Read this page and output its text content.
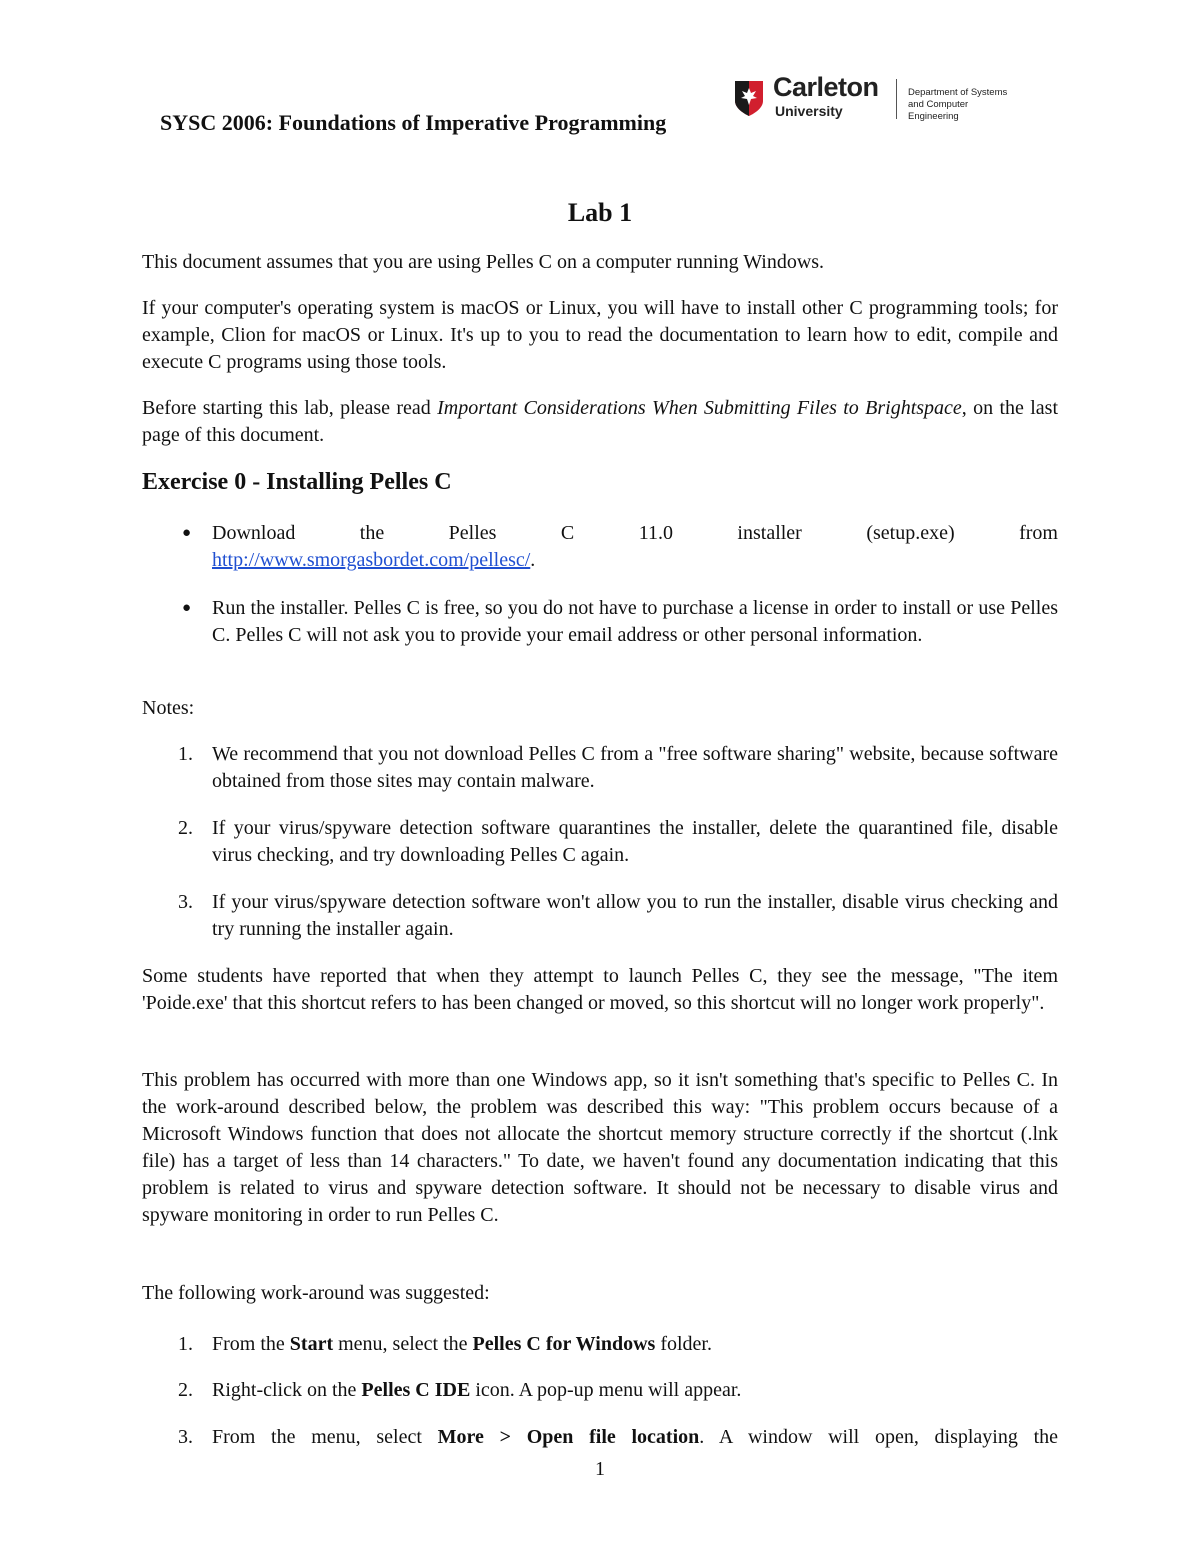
SYSC 2006: Foundations of Imperative Programming
Carleton
University
Department of Systems
and Computer Engineering
Lab 1
This document assumes that you are using Pelles C on a computer running Windows.
If your computer's operating system is macOS or Linux, you will have to install other C programming tools; for example, Clion for macOS or Linux. It's up to you to read the documentation to learn how to edit, compile and execute C programs using those tools.
Before starting this lab, please read Important Considerations When Submitting Files to Brightspace, on the last page of this document.
Exercise 0 - Installing Pelles C
● Download	the	Pelles	C	11.0	installer	(setup.exe)	from
http://www.smorgasbordet.com/pellesc/.
● Run the installer. Pelles C is free, so you do not have to purchase a license in order to install or use Pelles C. Pelles C will not ask you to provide your email address or other personal information.
Notes:
1. We recommend that you not download Pelles C from a "free software sharing" website, because software obtained from those sites may contain malware.
2. If your virus/spyware detection software quarantines the installer, delete the quarantined file, disable virus checking, and try downloading Pelles C again.
3. If your virus/spyware detection software won't allow you to run the installer, disable virus checking and try running the installer again.
Some students have reported that when they attempt to launch Pelles C, they see the message, "The item 'Poide.exe' that this shortcut refers to has been changed or moved, so this shortcut will no longer work properly".
This problem has occurred with more than one Windows app, so it isn't something that's specific to Pelles C. In the work-around described below, the problem was described this way: "This problem occurs because of a Microsoft Windows function that does not allocate the shortcut memory structure correctly if the shortcut (.lnk file) has a target of less than 14 characters." To date, we haven't found any documentation indicating that this problem is related to virus and spyware detection software. It should not be necessary to disable virus and spyware monitoring in order to run Pelles C.
The following work-around was suggested:
1. From the Start menu, select the Pelles C for Windows folder.
2. Right-click on the Pelles C IDE icon. A pop-up menu will appear.
3. From the menu, select More > Open file location. A window will open, displaying the
1
